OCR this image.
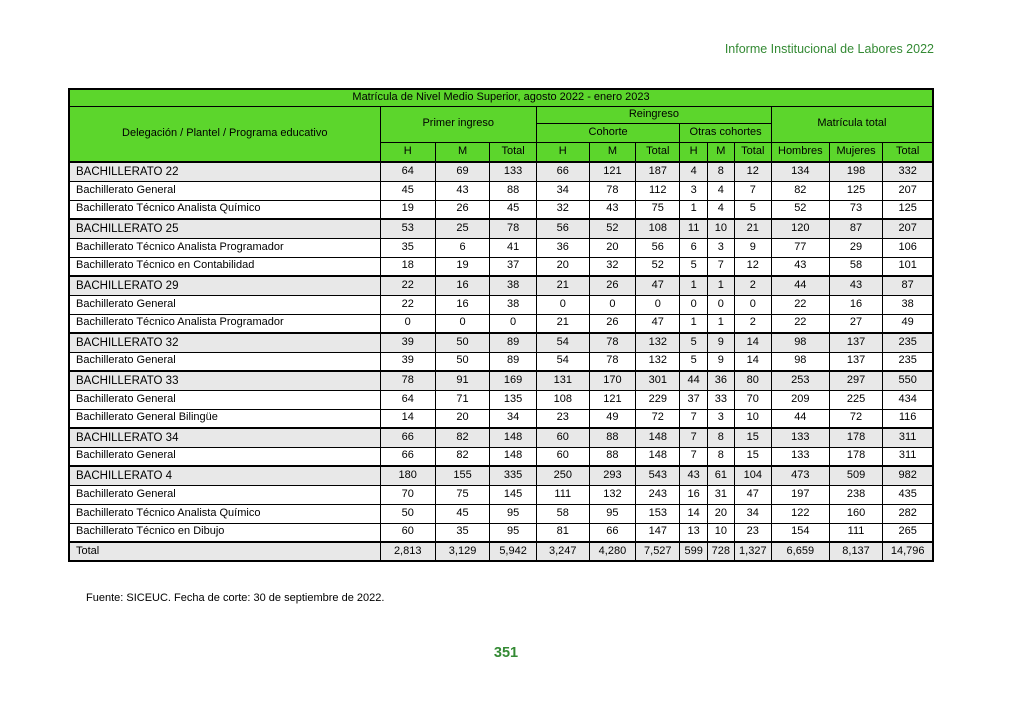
Informe Institucional de Labores 2022
Matrícula de Nivel Medio Superior, agosto 2022 - enero 2023												
Delegación / Plantel / Programa educativo	Primer ingreso			Reingreso						Matrícula total		
				Cohorte			Otras cohortes					
	H	M	Total	H	M	Total	H	M	Total	Hombres	Mujeres	Total
BACHILLERATO 22	64	69	133	66	121	187	4	8	12	134	198	332
Bachillerato General	45	43	88	34	78	112	3	4	7	82	125	207
Bachillerato Técnico Analista Químico	19	26	45	32	43	75	1	4	5	52	73	125
BACHILLERATO 25	53	25	78	56	52	108	11	10	21	120	87	207
Bachillerato Técnico Analista Programador	35	6	41	36	20	56	6	3	9	77	29	106
Bachillerato Técnico en Contabilidad	18	19	37	20	32	52	5	7	12	43	58	101
BACHILLERATO 29	22	16	38	21	26	47	1	1	2	44	43	87
Bachillerato General	22	16	38	0	0	0	0	0	0	22	16	38
Bachillerato Técnico Analista Programador	0	0	0	21	26	47	1	1	2	22	27	49
BACHILLERATO 32	39	50	89	54	78	132	5	9	14	98	137	235
Bachillerato General	39	50	89	54	78	132	5	9	14	98	137	235
BACHILLERATO 33	78	91	169	131	170	301	44	36	80	253	297	550
Bachillerato General	64	71	135	108	121	229	37	33	70	209	225	434
Bachillerato General Bilingüe	14	20	34	23	49	72	7	3	10	44	72	116
BACHILLERATO 34	66	82	148	60	88	148	7	8	15	133	178	311
Bachillerato General	66	82	148	60	88	148	7	8	15	133	178	311
BACHILLERATO 4	180	155	335	250	293	543	43	61	104	473	509	982
Bachillerato General	70	75	145	111	132	243	16	31	47	197	238	435
Bachillerato Técnico Analista Químico	50	45	95	58	95	153	14	20	34	122	160	282
Bachillerato Técnico en Dibujo	60	35	95	81	66	147	13	10	23	154	111	265
Total	2,813	3,129	5,942	3,247	4,280	7,527	599	728	1,327	6,659	8,137	14,796
Fuente: SICEUC. Fecha de corte: 30 de septiembre de 2022.
351
